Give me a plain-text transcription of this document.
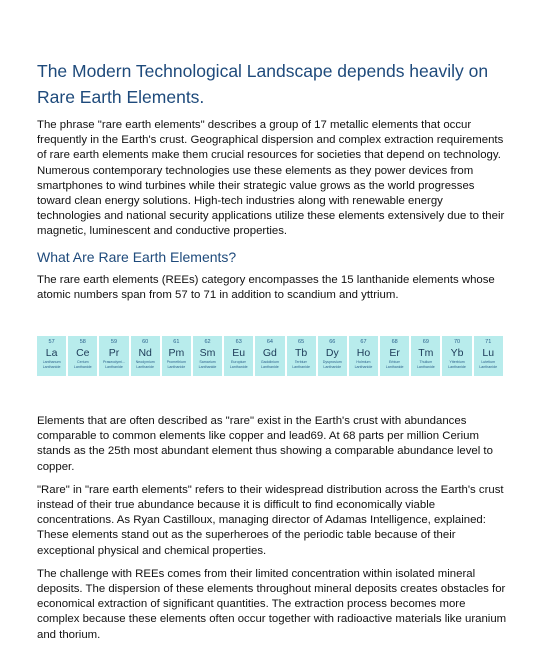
The Modern Technological Landscape depends heavily on Rare Earth Elements.

The phrase "rare earth elements" describes a group of 17 metallic elements that occur frequently in the Earth's crust. Geographical dispersion and complex extraction requirements of rare earth elements make them crucial resources for societies that depend on technology. Numerous contemporary technologies use these elements as they power devices from smartphones to wind turbines while their strategic value grows as the world progresses toward clean energy solutions. High-tech industries along with renewable energy technologies and national security applications utilize these elements extensively due to their magnetic, luminescent and conductive properties.

What Are Rare Earth Elements?

The rare earth elements (REEs) category encompasses the 15 lanthanide elements whose atomic numbers span from 57 to 71 in addition to scandium and yttrium.

57
La
Lanthanum
Lanthanide
58
Ce
Cerium
Lanthanide
59
Pr
Praseodymi...
Lanthanide
60
Nd
Neodymium
Lanthanide
61
Pm
Promethium
Lanthanide
62
Sm
Samarium
Lanthanide
63
Eu
Europium
Lanthanide
64
Gd
Gadolinium
Lanthanide
65
Tb
Terbium
Lanthanide
66
Dy
Dysprosium
Lanthanide
67
Ho
Holmium
Lanthanide
68
Er
Erbium
Lanthanide
69
Tm
Thulium
Lanthanide
70
Yb
Ytterbium
Lanthanide
71
Lu
Lutetium
Lanthanide

Elements that are often described as "rare" exist in the Earth's crust with abundances comparable to common elements like copper and lead69. At 68 parts per million Cerium stands as the 25th most abundant element thus showing a comparable abundance level to copper.

"Rare" in "rare earth elements" refers to their widespread distribution across the Earth's crust instead of their true abundance because it is difficult to find economically viable concentrations. As Ryan Castilloux, managing director of Adamas Intelligence, explained: These elements stand out as the superheroes of the periodic table because of their exceptional physical and chemical properties.

The challenge with REEs comes from their limited concentration within isolated mineral deposits. The dispersion of these elements throughout mineral deposits creates obstacles for economical extraction of significant quantities. The extraction process becomes more complex because these elements often occur together with radioactive materials like uranium and thorium.
